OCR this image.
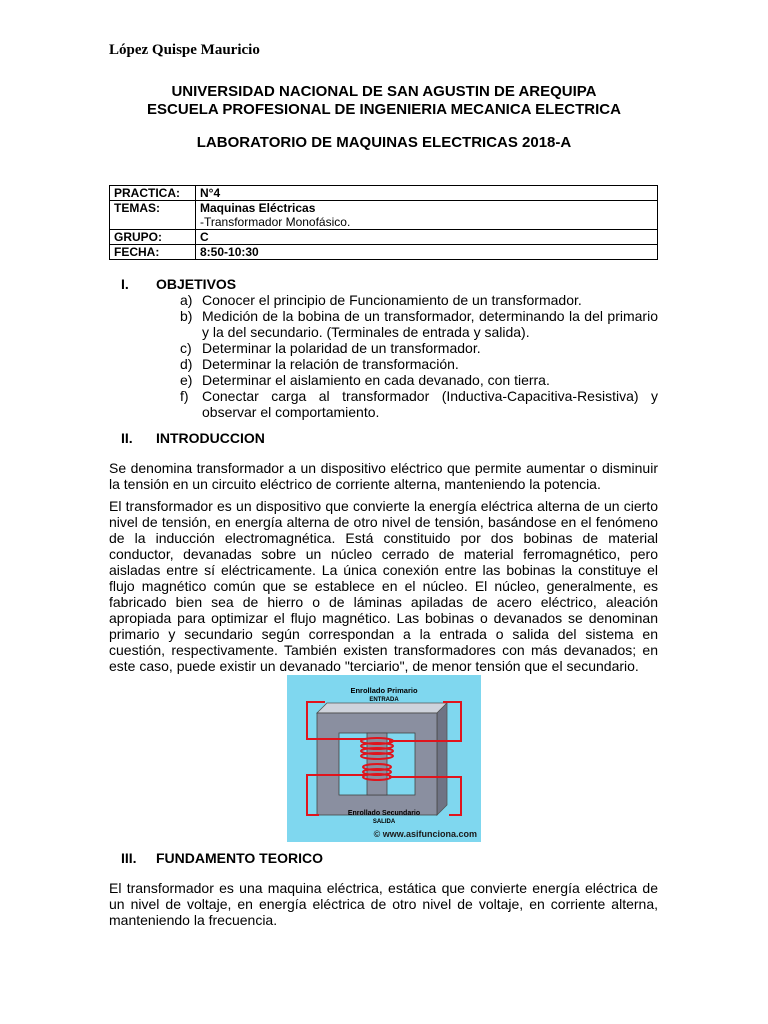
López Quispe Mauricio
UNIVERSIDAD NACIONAL DE SAN AGUSTIN DE AREQUIPA
ESCUELA PROFESIONAL DE INGENIERIA MECANICA ELECTRICA
LABORATORIO DE MAQUINAS ELECTRICAS 2018-A
PRACTICA:	N°4
TEMAS:	Maquinas Eléctricas
-Transformador Monofásico.

GRUPO:	C
FECHA:	8:50-10:30
I. OBJETIVOS
a) Conocer el principio de Funcionamiento de un transformador.
b) Medición de la bobina de un transformador, determinando la del primario
y la del secundario. (Terminales de entrada y salida).
c) Determinar la polaridad de un transformador.
d) Determinar la relación de transformación.
e) Determinar el aislamiento en cada devanado, con tierra.
f) Conectar carga al transformador (Inductiva-Capacitiva-Resistiva) y
observar el comportamiento.
II. INTRODUCCION
Se denomina transformador a un dispositivo eléctrico que permite aumentar o disminuir la tensión en un circuito eléctrico de corriente alterna, manteniendo la potencia.
El transformador es un dispositivo que convierte la energía eléctrica alterna de un cierto nivel de tensión, en energía alterna de otro nivel de tensión, basándose en el fenómeno de la inducción electromagnética. Está constituido por dos bobinas de material conductor, devanadas sobre un núcleo cerrado de material ferromagnético, pero aisladas entre sí eléctricamente. La única conexión entre las bobinas la constituye el flujo magnético común que se establece en el núcleo. El núcleo, generalmente, es fabricado bien sea de hierro o de láminas apiladas de acero eléctrico, aleación apropiada para optimizar el flujo magnético. Las bobinas o devanados se denominan primario y secundario según correspondan a la entrada o salida del sistema en cuestión, respectivamente. También existen transformadores con más devanados; en este caso, puede existir un devanado "terciario", de menor tensión que el secundario.
Enrollado Primario
ENTRADA
Enrollado Secundario
SALIDA
© www.asifunciona.com
III. FUNDAMENTO TEORICO
El transformador es una maquina eléctrica, estática que convierte energía eléctrica de un nivel de voltaje, en energía eléctrica de otro nivel de voltaje, en corriente alterna, manteniendo la frecuencia.
